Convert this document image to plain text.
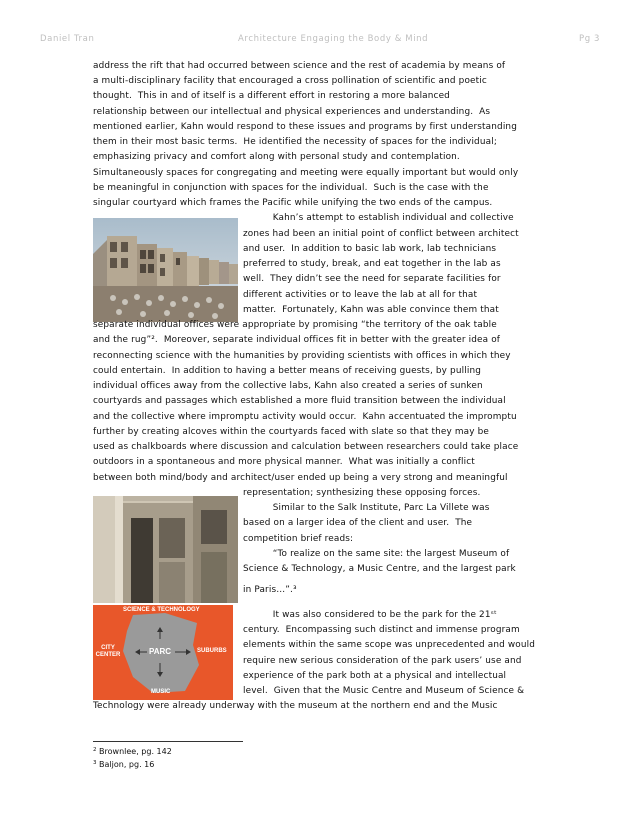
Daniel Tran	Architecture Engaging the Body & Mind	Pg 3
SCIENCE & TECHNOLOGY
CITY CENTER	PARC	SUBURBS
MUSIC
address the rift that had occurred between science and the rest of academia by means of
a multi-disciplinary facility that encouraged a cross pollination of scientific and poetic
thought.  This in and of itself is a different effort in restoring a more balanced
relationship between our intellectual and physical experiences and understanding.  As
mentioned earlier, Kahn would respond to these issues and programs by first understanding
them in their most basic terms.  He identified the necessity of spaces for the individual;
emphasizing privacy and comfort along with personal study and contemplation.
Simultaneously spaces for congregating and meeting were equally important but would only
be meaningful in conjunction with spaces for the individual.  Such is the case with the
singular courtyard which frames the Pacific while unifying the two ends of the campus.
Kahn’s attempt to establish individual and collective
zones had been an initial point of conflict between architect
and user.  In addition to basic lab work, lab technicians
preferred to study, break, and eat together in the lab as
well.  They didn’t see the need for separate facilities for
different activities or to leave the lab at all for that
matter.  Fortunately, Kahn was able convince them that
separate individual offices were appropriate by promising “the territory of the oak table
and the rug”².  Moreover, separate individual offices fit in better with the greater idea of
reconnecting science with the humanities by providing scientists with offices in which they
could entertain.  In addition to having a better means of receiving guests, by pulling
individual offices away from the collective labs, Kahn also created a series of sunken
courtyards and passages which established a more fluid transition between the individual
and the collective where impromptu activity would occur.  Kahn accentuated the impromptu
further by creating alcoves within the courtyards faced with slate so that they may be
used as chalkboards where discussion and calculation between researchers could take place
outdoors in a spontaneous and more physical manner.  What was initially a conflict
between both mind/body and architect/user ended up being a very strong and meaningful
representation; synthesizing these opposing forces.
Similar to the Salk Institute, Parc La Villete was
based on a larger idea of the client and user.  The
competition brief reads:
“To realize on the same site: the largest Museum of
Science & Technology, a Music Centre, and the largest park
in Paris…”.³
It was also considered to be the park for the 21ˢᵗ
century.  Encompassing such distinct and immense program
elements within the same scope was unprecedented and would
require new serious consideration of the park users’ use and
experience of the park both at a physical and intellectual
level.  Given that the Music Centre and Museum of Science &
Technology were already underway with the museum at the northern end and the Music
$^2$ Brownlee, pg. 142
$^3$ Baljon, pg. 16
